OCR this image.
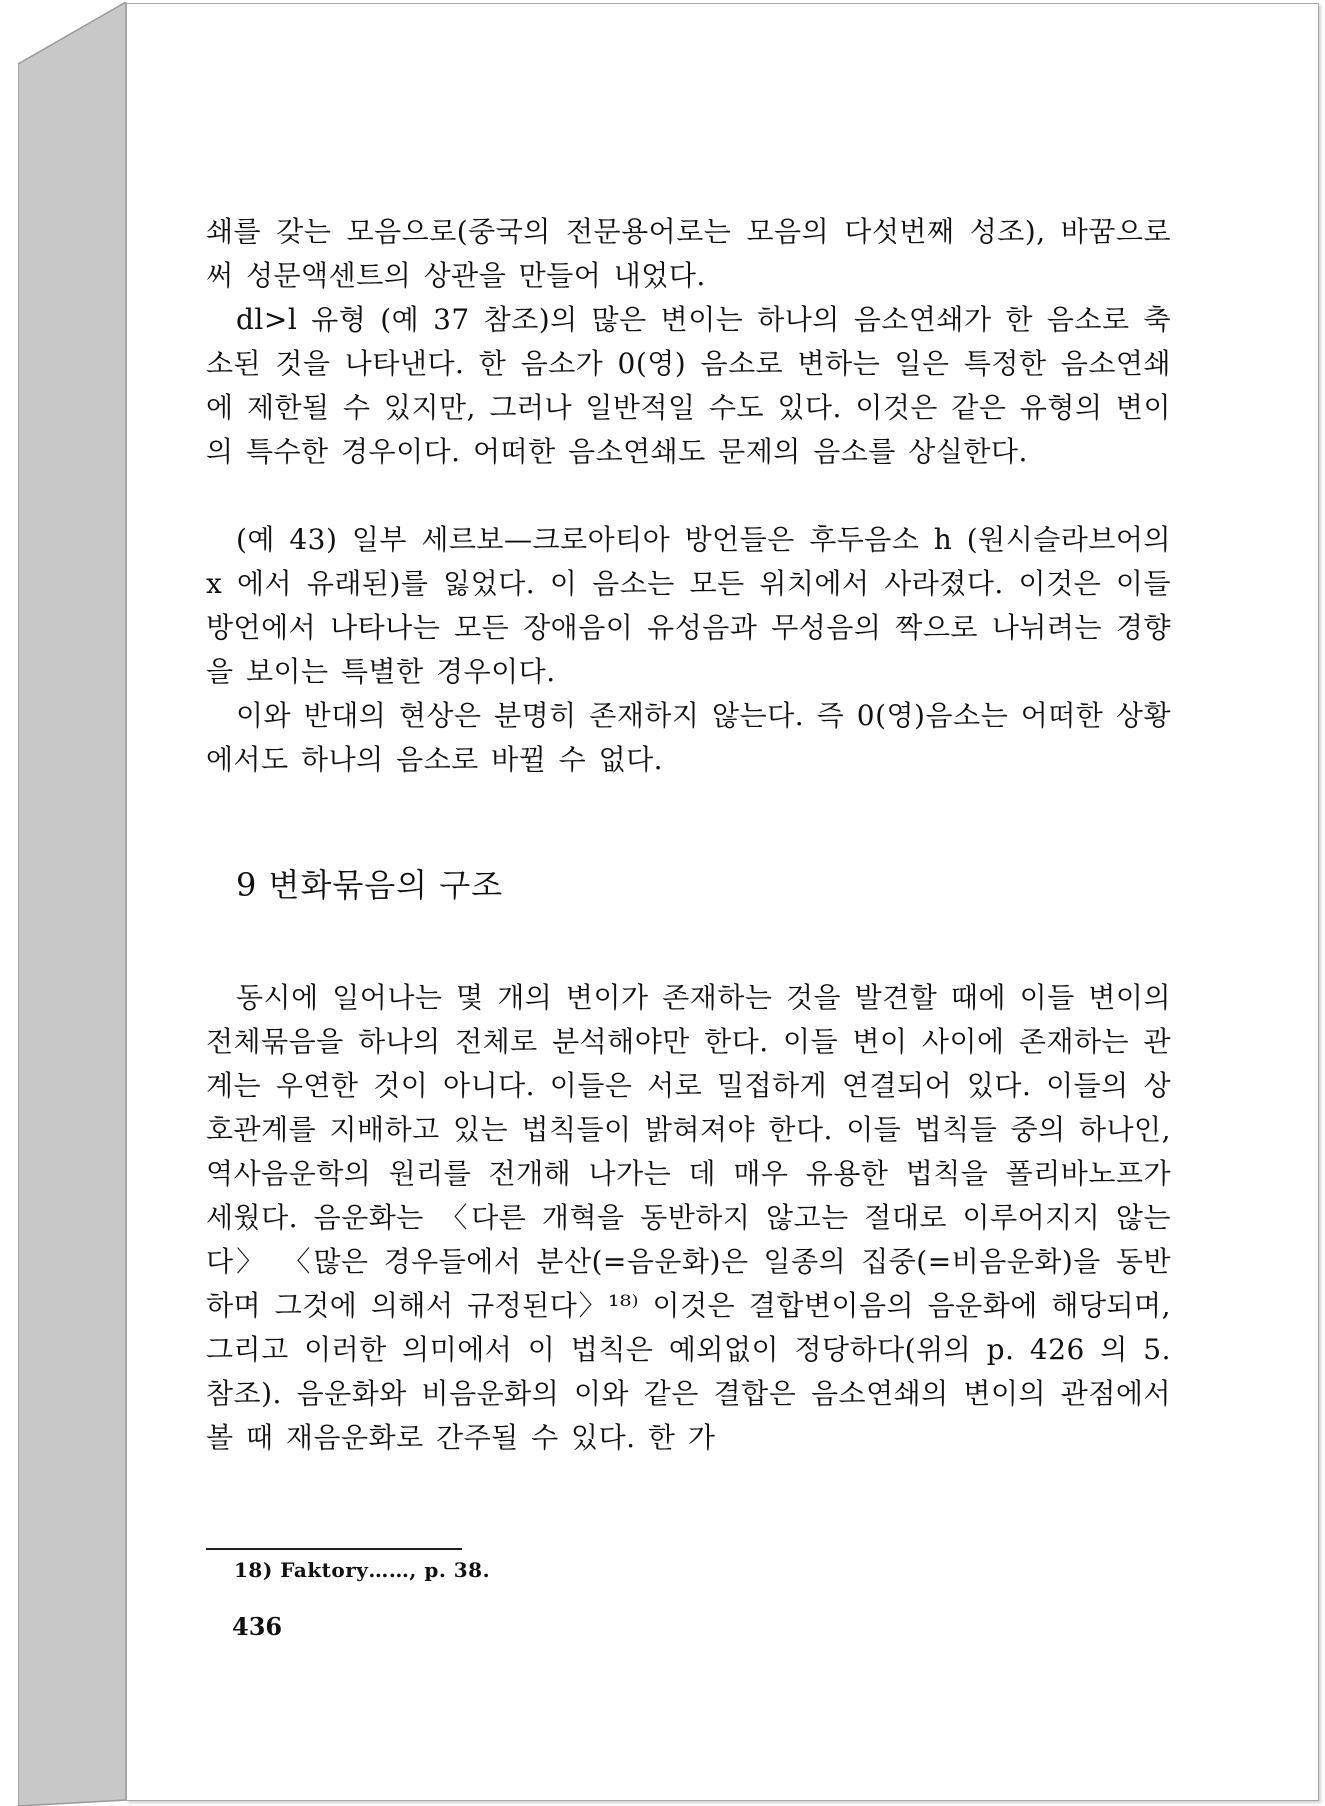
쇄를 갖는 모음으로(중국의 전문용어로는 모음의 다섯번째 성조), 바꿈으로써 성문액센트의 상관을 만들어 내었다.

dl>l 유형 (예 37 참조)의 많은 변이는 하나의 음소연쇄가 한 음소로 축소된 것을 나타낸다. 한 음소가 0(영) 음소로 변하는 일은 특정한 음소연쇄에 제한될 수 있지만, 그러나 일반적일 수도 있다. 이것은 같은 유형의 변이의 특수한 경우이다. 어떠한 음소연쇄도 문제의 음소를 상실한다.

(예 43) 일부 세르보—크로아티아 방언들은 후두음소 h (원시슬라브어의 x 에서 유래된)를 잃었다. 이 음소는 모든 위치에서 사라졌다. 이것은 이들 방언에서 나타나는 모든 장애음이 유성음과 무성음의 짝으로 나뉘려는 경향을 보이는 특별한 경우이다.

이와 반대의 현상은 분명히 존재하지 않는다. 즉 0(영)음소는 어떠한 상황에서도 하나의 음소로 바뀔 수 없다.

9 변화묶음의 구조

동시에 일어나는 몇 개의 변이가 존재하는 것을 발견할 때에 이들 변이의 전체묶음을 하나의 전체로 분석해야만 한다. 이들 변이 사이에 존재하는 관계는 우연한 것이 아니다. 이들은 서로 밀접하게 연결되어 있다. 이들의 상호관계를 지배하고 있는 법칙들이 밝혀져야 한다. 이들 법칙들 중의 하나인, 역사음운학의 원리를 전개해 나가는 데 매우 유용한 법칙을 폴리바노프가 세웠다. 음운화는 〈다른 개혁을 동반하지 않고는 절대로 이루어지지 않는다〉 〈많은 경우들에서 분산(=음운화)은 일종의 집중(=비음운화)을 동반하며 그것에 의해서 규정된다〉¹⁸⁾ 이것은 결합변이음의 음운화에 해당되며, 그리고 이러한 의미에서 이 법칙은 예외없이 정당하다(위의 p. 426 의 5. 참조). 음운화와 비음운화의 이와 같은 결합은 음소연쇄의 변이의 관점에서 볼 때 재음운화로 간주될 수 있다. 한 가

18) Faktory……, p. 38.
436
